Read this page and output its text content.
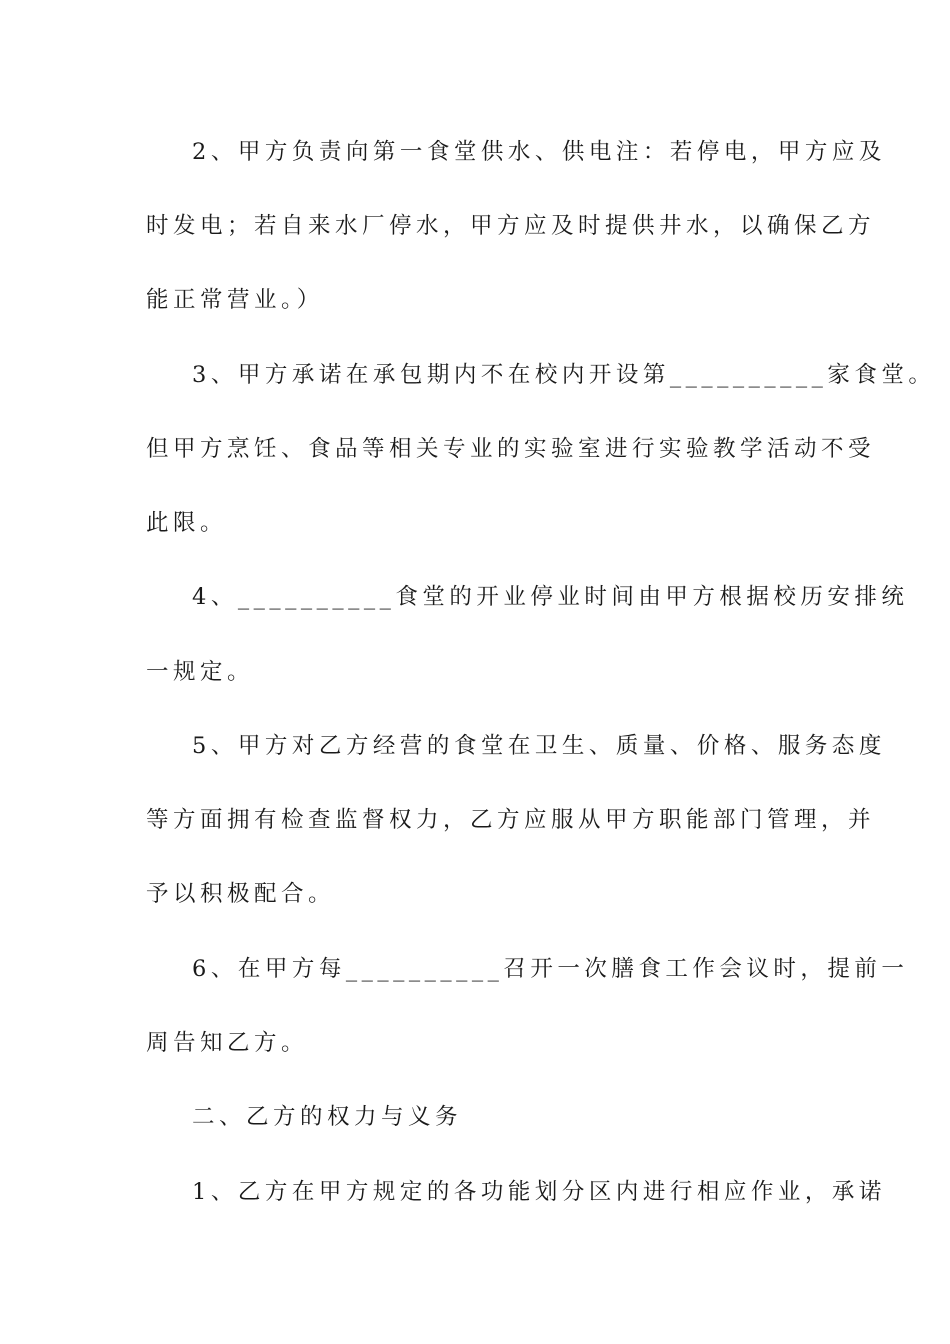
2、甲方负责向第一食堂供水、供电注：若停电，甲方应及
时发电；若自来水厂停水，甲方应及时提供井水，以确保乙方
能正常营业。）
3、甲方承诺在承包期内不在校内开设第__________家食堂。
但甲方烹饪、食品等相关专业的实验室进行实验教学活动不受
此限。
4、__________食堂的开业停业时间由甲方根据校历安排统
一规定。
5、甲方对乙方经营的食堂在卫生、质量、价格、服务态度
等方面拥有检查监督权力，乙方应服从甲方职能部门管理，并
予以积极配合。
6、在甲方每__________召开一次膳食工作会议时，提前一
周告知乙方。
二、乙方的权力与义务
1、乙方在甲方规定的各功能划分区内进行相应作业，承诺
